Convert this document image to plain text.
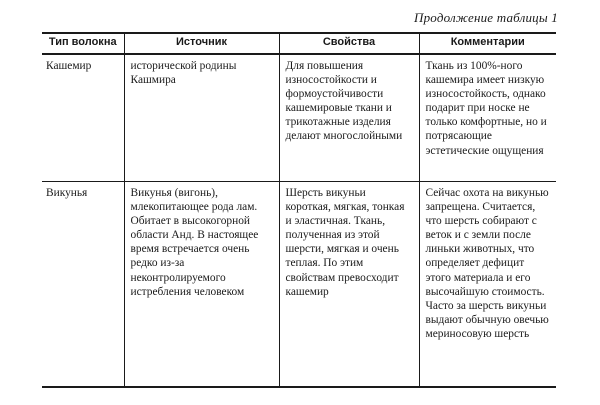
Продолжение таблицы 1
Тип волокна	Источник	Свойства	Комментарии
Кашемир	исторической родины Кашмира	Для повышения износостойкости и формоустойчивости кашемировые ткани и трикотажные изделия делают многослойными	Ткань из 100%-ного кашемира имеет низкую износостойкость, однако подарит при носке не только комфортные, но и потрясающие эстетические ощущения
Викунья	Викунья (вигонь), млекопитающее рода лам. Обитает в высокогорной области Анд. В настоящее время встречается очень редко из-за неконтролируемого истребления человеком	Шерсть викуньи короткая, мягкая, тонкая и эластичная. Ткань, полученная из этой шерсти, мягкая и очень теплая. По этим свойствам превосходит кашемир	Сейчас охота на викунью запрещена. Считается, что шерсть собирают с веток и с земли после линьки животных, что определяет дефицит этого материала и его высочайшую стоимость. Часто за шерсть викуньи выдают обычную овечью мериносовую шерсть
